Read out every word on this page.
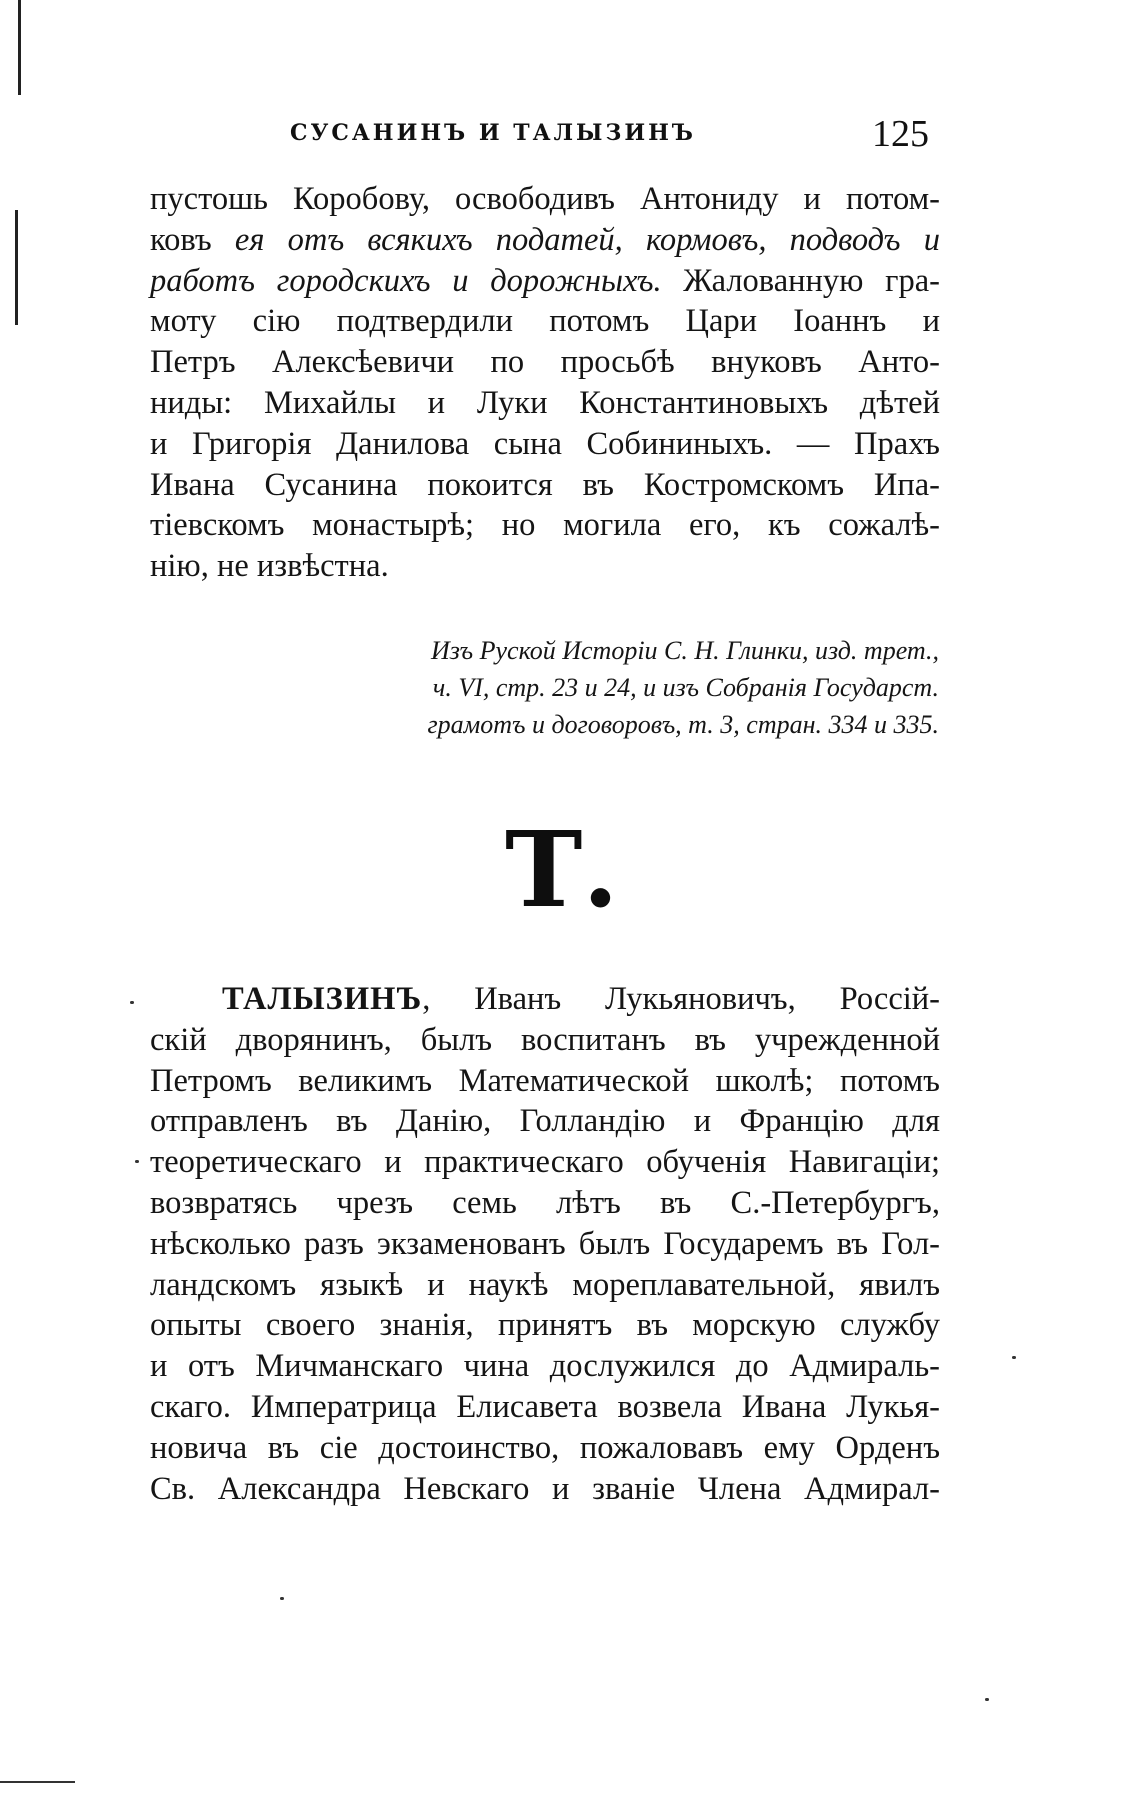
СУСАНИНЪ И ТАЛЫЗИНЪ	125
пустошь Коробову, освободивъ Антониду и потом-
ковъ ея отъ всякихъ податей, кормовъ, подводъ и
работъ городскихъ и дорожныхъ. Жалованную гра-
моту сію подтвердили потомъ Цари Іоаннъ и
Петръ Алексѣевичи по просьбѣ внуковъ Анто-
ниды: Михайлы и Луки Константиновыхъ дѣтей
и Григорія Данилова сына Собининыхъ. — Прахъ
Ивана Сусанина покоится въ Костромскомъ Ипа-
тіевскомъ монастырѣ; но могила его, къ сожалѣ-
нію, не извѣстна.
Изъ Руской Исторіи С. Н. Глинки, изд. трет.,
ч. VI, стр. 23 и 24, и изъ Собранія Государст.
грамотъ и договоровъ, т. 3, стран. 334 и 335.
Т.
ТАЛЫЗИНЪ, Иванъ Лукьяновичъ, Россій-
скій дворянинъ, былъ воспитанъ въ учрежденной
Петромъ великимъ Математической школѣ; потомъ
отправленъ въ Данію, Голландію и Францію для
теоретическаго и практическаго обученія Навигаціи;
возвратясь чрезъ семь лѣтъ въ С.-Петербургъ,
нѣсколько разъ экзаменованъ былъ Государемъ въ Гол-
ландскомъ языкѣ и наукѣ мореплавательной, явилъ
опыты своего знанія, принятъ въ морскую службу
и отъ Мичманскаго чина дослужился до Адмираль-
скаго. Императрица Елисавета возвела Ивана Лукья-
новича въ сіе достоинство, пожаловавъ ему Орденъ
Св. Александра Невскаго и званіе Члена Адмирал-
